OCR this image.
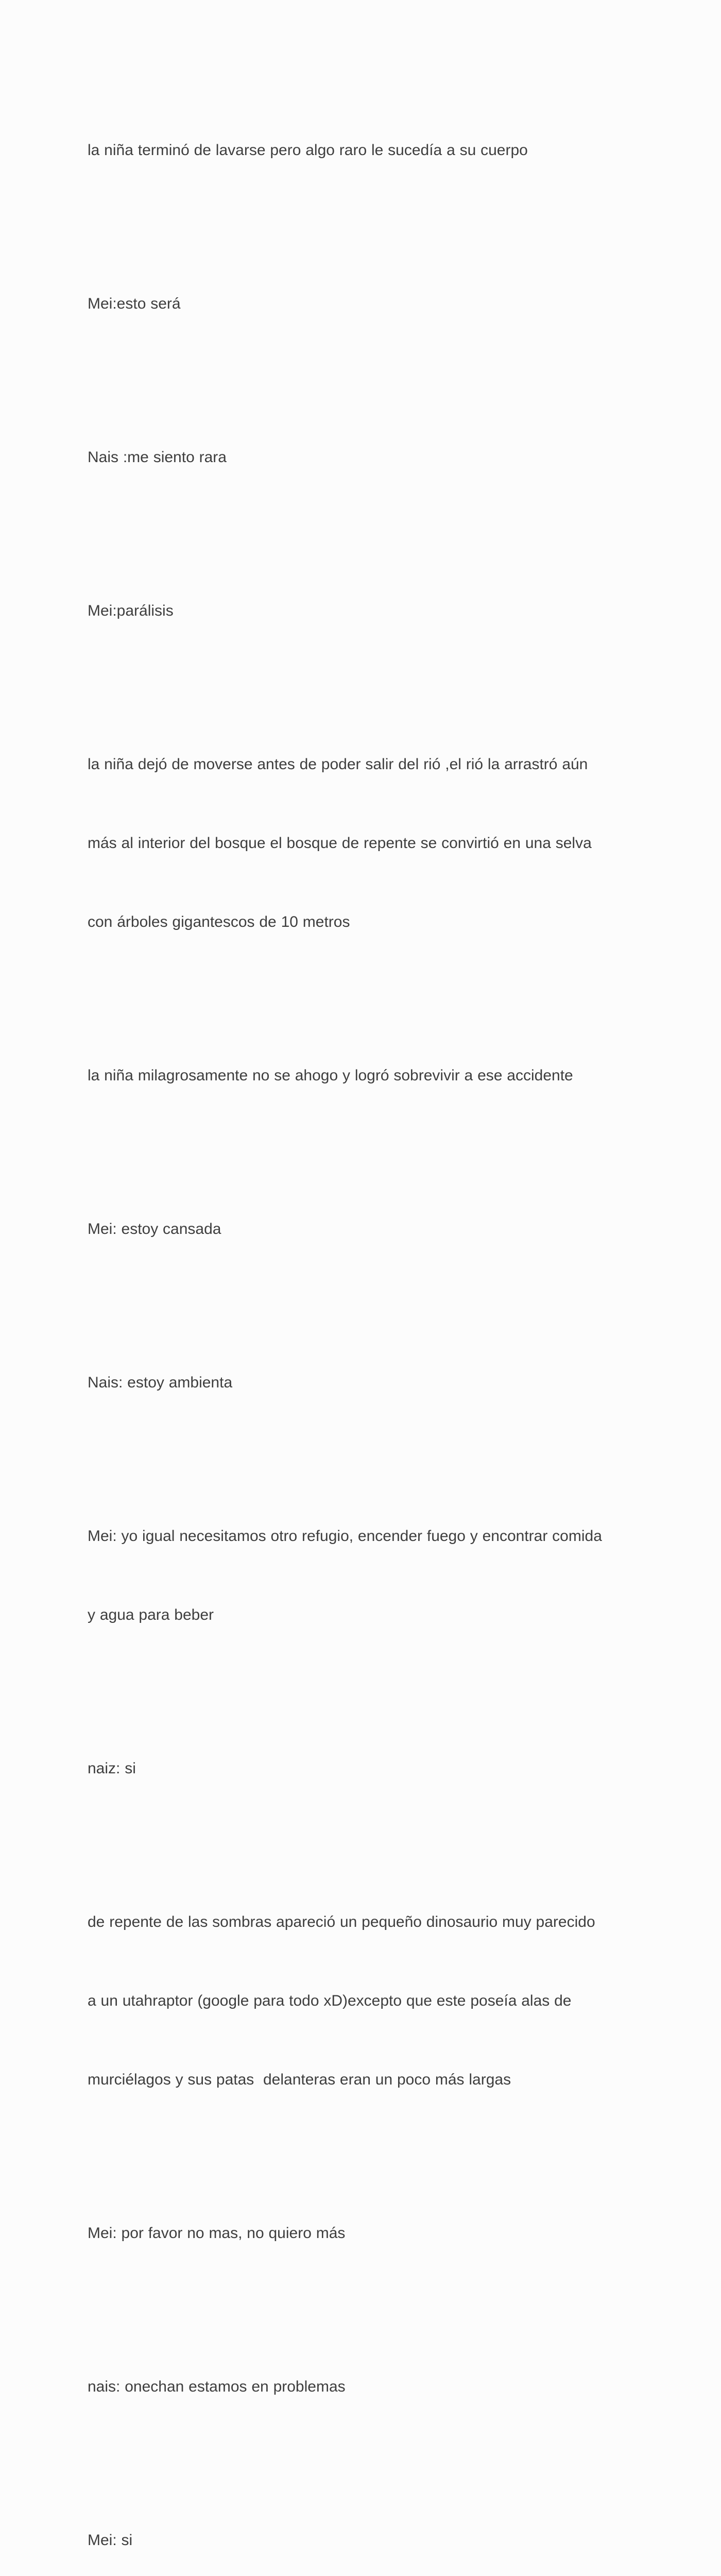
la niña terminó de lavarse pero algo raro le sucedía a su cuerpo

Mei:esto será

Nais :me siento rara

Mei:parálisis

la niña dejó de moverse antes de poder salir del rió ,el rió la arrastró aún

más al interior del bosque el bosque de repente se convirtió en una selva

con árboles gigantescos de 10 metros

la niña milagrosamente no se ahogo y logró sobrevivir a ese accidente

Mei: estoy cansada

Nais: estoy ambienta

Mei: yo igual necesitamos otro refugio, encender fuego y encontrar comida

y agua para beber

naiz: si

de repente de las sombras apareció un pequeño dinosaurio muy parecido

a un utahraptor (google para todo xD)excepto que este poseía alas de

murciélagos y sus patas  delanteras eran un poco más largas

Mei: por favor no mas, no quiero más

nais: onechan estamos en problemas

Mei: si
